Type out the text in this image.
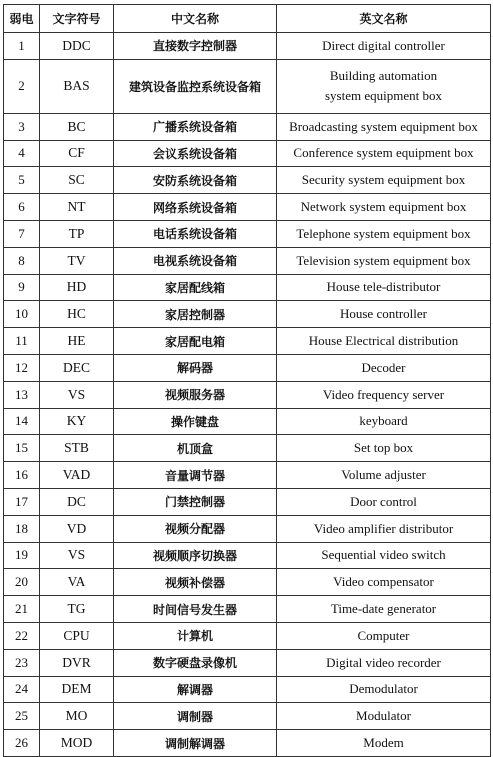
弱电	文字符号	中文名称	英文名称
1	DDC	直接数字控制器	Direct digital controller

2	BAS	建筑设备监控系统设备箱	Building automation
system equipment box

3	BC	广播系统设备箱	Broadcasting system equipment box

4	CF	会议系统设备箱	Conference system equipment box

5	SC	安防系统设备箱	Security system equipment box

6	NT	网络系统设备箱	Network system equipment box

7	TP	电话系统设备箱	Telephone system equipment box

8	TV	电视系统设备箱	Television system equipment box

9	HD	家居配线箱	House tele-distributor

10	HC	家居控制器	House controller

11	HE	家居配电箱	House Electrical distribution

12	DEC	解码器	Decoder

13	VS	视频服务器	Video frequency server

14	KY	操作键盘	keyboard

15	STB	机顶盒	Set top box

16	VAD	音量调节器	Volume adjuster

17	DC	门禁控制器	Door control

18	VD	视频分配器	Video amplifier distributor

19	VS	视频顺序切换器	Sequential video switch

20	VA	视频补偿器	Video compensator

21	TG	时间信号发生器	Time-date generator

22	CPU	计算机	Computer

23	DVR	数字硬盘录像机	Digital video recorder

24	DEM	解调器	Demodulator

25	MO	调制器	Modulator

26	MOD	调制解调器	Modem
